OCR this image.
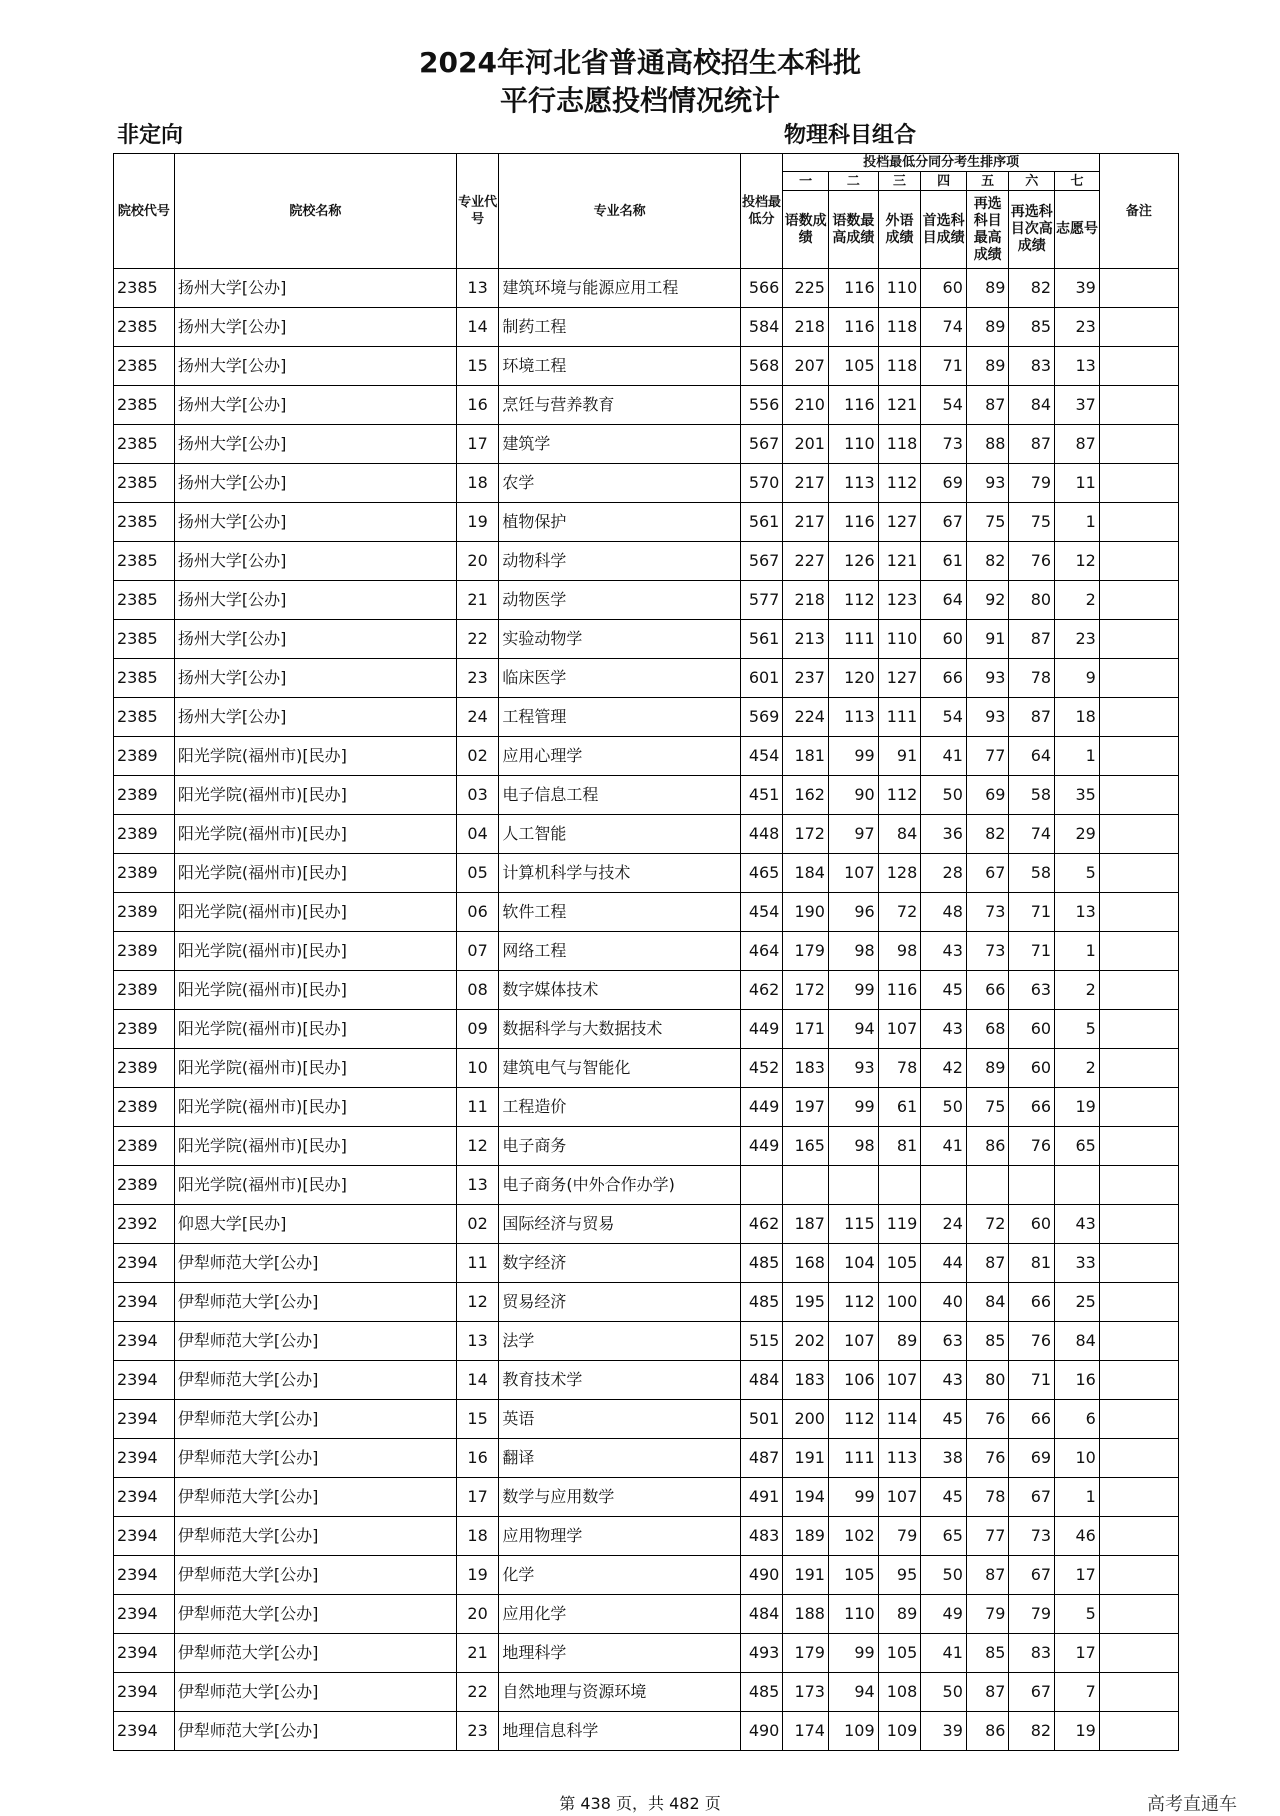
2024年河北省普通高校招生本科批
平行志愿投档情况统计
非定向	物理科目组合
院校代号	院校名称	专业代号	专业名称	投档最低分	投档最低分同分考生排序项							备注
					一	二	三	四	五	六	七	
					语数成绩	语数最高成绩	外语成绩	首选科目成绩	再选科目最高成绩	再选科目次高成绩	志愿号	
2385	扬州大学[公办]	13	建筑环境与能源应用工程	566	225	116	110	60	89	82	39	
2385	扬州大学[公办]	14	制药工程	584	218	116	118	74	89	85	23	
2385	扬州大学[公办]	15	环境工程	568	207	105	118	71	89	83	13	
2385	扬州大学[公办]	16	烹饪与营养教育	556	210	116	121	54	87	84	37	
2385	扬州大学[公办]	17	建筑学	567	201	110	118	73	88	87	87	
2385	扬州大学[公办]	18	农学	570	217	113	112	69	93	79	11	
2385	扬州大学[公办]	19	植物保护	561	217	116	127	67	75	75	1	
2385	扬州大学[公办]	20	动物科学	567	227	126	121	61	82	76	12	
2385	扬州大学[公办]	21	动物医学	577	218	112	123	64	92	80	2	
2385	扬州大学[公办]	22	实验动物学	561	213	111	110	60	91	87	23	
2385	扬州大学[公办]	23	临床医学	601	237	120	127	66	93	78	9	
2385	扬州大学[公办]	24	工程管理	569	224	113	111	54	93	87	18	
2389	阳光学院(福州市)[民办]	02	应用心理学	454	181	99	91	41	77	64	1	
2389	阳光学院(福州市)[民办]	03	电子信息工程	451	162	90	112	50	69	58	35	
2389	阳光学院(福州市)[民办]	04	人工智能	448	172	97	84	36	82	74	29	
2389	阳光学院(福州市)[民办]	05	计算机科学与技术	465	184	107	128	28	67	58	5	
2389	阳光学院(福州市)[民办]	06	软件工程	454	190	96	72	48	73	71	13	
2389	阳光学院(福州市)[民办]	07	网络工程	464	179	98	98	43	73	71	1	
2389	阳光学院(福州市)[民办]	08	数字媒体技术	462	172	99	116	45	66	63	2	
2389	阳光学院(福州市)[民办]	09	数据科学与大数据技术	449	171	94	107	43	68	60	5	
2389	阳光学院(福州市)[民办]	10	建筑电气与智能化	452	183	93	78	42	89	60	2	
2389	阳光学院(福州市)[民办]	11	工程造价	449	197	99	61	50	75	66	19	
2389	阳光学院(福州市)[民办]	12	电子商务	449	165	98	81	41	86	76	65	
2389	阳光学院(福州市)[民办]	13	电子商务(中外合作办学)									
2392	仰恩大学[民办]	02	国际经济与贸易	462	187	115	119	24	72	60	43	
2394	伊犁师范大学[公办]	11	数字经济	485	168	104	105	44	87	81	33	
2394	伊犁师范大学[公办]	12	贸易经济	485	195	112	100	40	84	66	25	
2394	伊犁师范大学[公办]	13	法学	515	202	107	89	63	85	76	84	
2394	伊犁师范大学[公办]	14	教育技术学	484	183	106	107	43	80	71	16	
2394	伊犁师范大学[公办]	15	英语	501	200	112	114	45	76	66	6	
2394	伊犁师范大学[公办]	16	翻译	487	191	111	113	38	76	69	10	
2394	伊犁师范大学[公办]	17	数学与应用数学	491	194	99	107	45	78	67	1	
2394	伊犁师范大学[公办]	18	应用物理学	483	189	102	79	65	77	73	46	
2394	伊犁师范大学[公办]	19	化学	490	191	105	95	50	87	67	17	
2394	伊犁师范大学[公办]	20	应用化学	484	188	110	89	49	79	79	5	
2394	伊犁师范大学[公办]	21	地理科学	493	179	99	105	41	85	83	17	
2394	伊犁师范大学[公办]	22	自然地理与资源环境	485	173	94	108	50	87	67	7	
2394	伊犁师范大学[公办]	23	地理信息科学	490	174	109	109	39	86	82	19	
第 438 页，共 482 页	高考直通车
